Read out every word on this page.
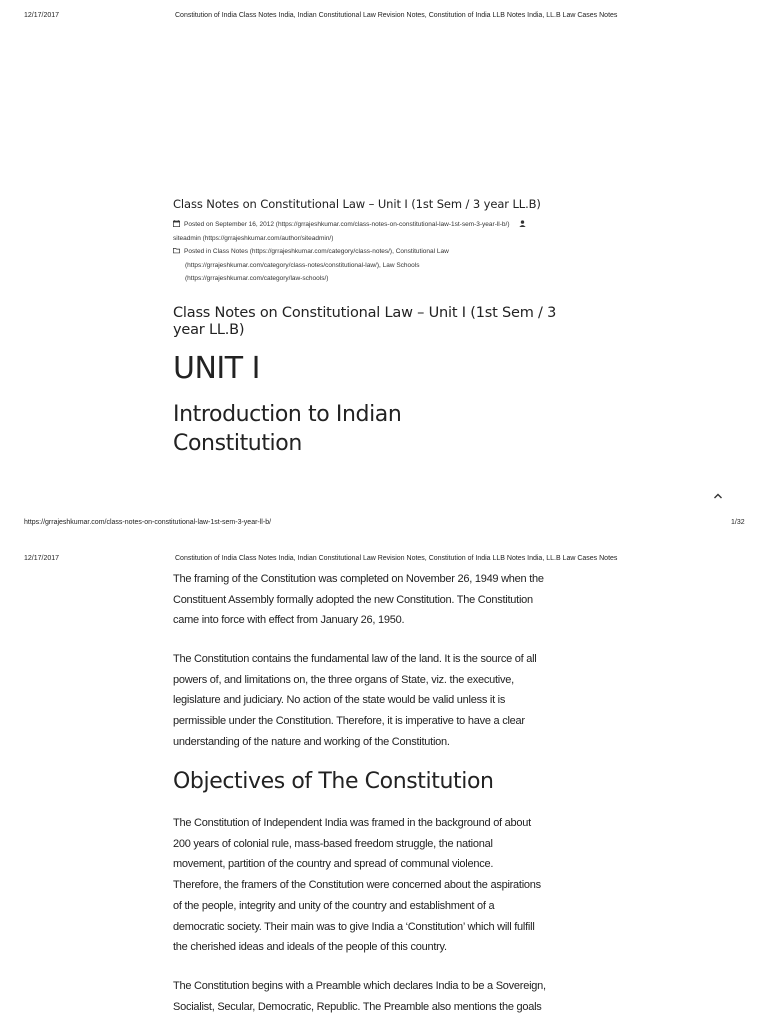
12/17/2017	Constitution of India Class Notes India, Indian Constitutional Law Revision Notes, Constitution of India LLB Notes India, LL.B Law Cases Notes
Class Notes on Constitutional Law – Unit I (1st Sem / 3 year LL.B)
Posted on September 16, 2012 (https://grrajeshkumar.com/class-notes-on-constitutional-law-1st-sem-3-year-ll-b/)
siteadmin (https://grrajeshkumar.com/author/siteadmin/)
Posted in Class Notes (https://grrajeshkumar.com/category/class-notes/), Constitutional Law
(https://grrajeshkumar.com/category/class-notes/constitutional-law/), Law Schools
(https://grrajeshkumar.com/category/law-schools/)
Class Notes on Constitutional Law – Unit I (1st Sem / 3
year LL.B)
UNIT I
Introduction to Indian
Constitution
https://grrajeshkumar.com/class-notes-on-constitutional-law-1st-sem-3-year-ll-b/	1/32
12/17/2017	Constitution of India Class Notes India, Indian Constitutional Law Revision Notes, Constitution of India LLB Notes India, LL.B Law Cases Notes
The framing of the Constitution was completed on November 26, 1949 when the
Constituent Assembly formally adopted the new Constitution. The Constitution
came into force with effect from January 26, 1950.
The Constitution contains the fundamental law of the land. It is the source of all
powers of, and limitations on, the three organs of State, viz. the executive,
legislature and judiciary. No action of the state would be valid unless it is
permissible under the Constitution. Therefore, it is imperative to have a clear
understanding of the nature and working of the Constitution.
Objectives of The Constitution
The Constitution of Independent India was framed in the background of about
200 years of colonial rule, mass-based freedom struggle, the national
movement, partition of the country and spread of communal violence.
Therefore, the framers of the Constitution were concerned about the aspirations
of the people, integrity and unity of the country and establishment of a
democratic society. Their main was to give India a ‘Constitution’ which will fulfill
the cherished ideas and ideals of the people of this country.
The Constitution begins with a Preamble which declares India to be a Sovereign,
Socialist, Secular, Democratic, Republic. The Preamble also mentions the goals
